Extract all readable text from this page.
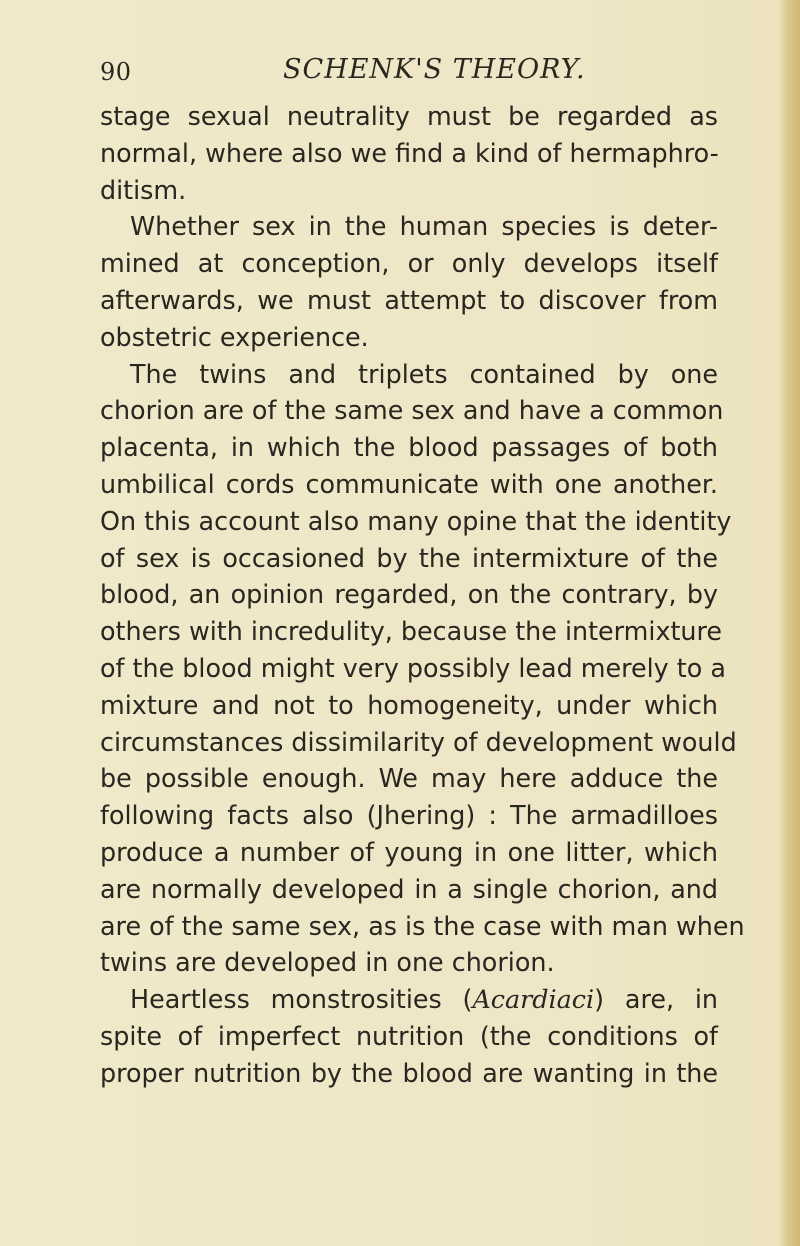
90	SCHENK'S THEORY.
stage sexual neutrality must be regarded as
normal, where also we find a kind of hermaphro-
ditism.
Whether sex in the human species is deter-
mined at conception, or only develops itself
afterwards, we must attempt to discover from
obstetric experience.
The twins and triplets contained by one
chorion are of the same sex and have a common
placenta, in which the blood passages of both
umbilical cords communicate with one another.
On this account also many opine that the identity
of sex is occasioned by the intermixture of the
blood, an opinion regarded, on the contrary, by
others with incredulity, because the intermixture
of the blood might very possibly lead merely to a
mixture and not to homogeneity, under which
circumstances dissimilarity of development would
be possible enough. We may here adduce the
following facts also (Jhering) : The armadilloes
produce a number of young in one litter, which
are normally developed in a single chorion, and
are of the same sex, as is the case with man when
twins are developed in one chorion.
Heartless monstrosities (Acardiaci) are, in
spite of imperfect nutrition (the conditions of
proper nutrition by the blood are wanting in the
